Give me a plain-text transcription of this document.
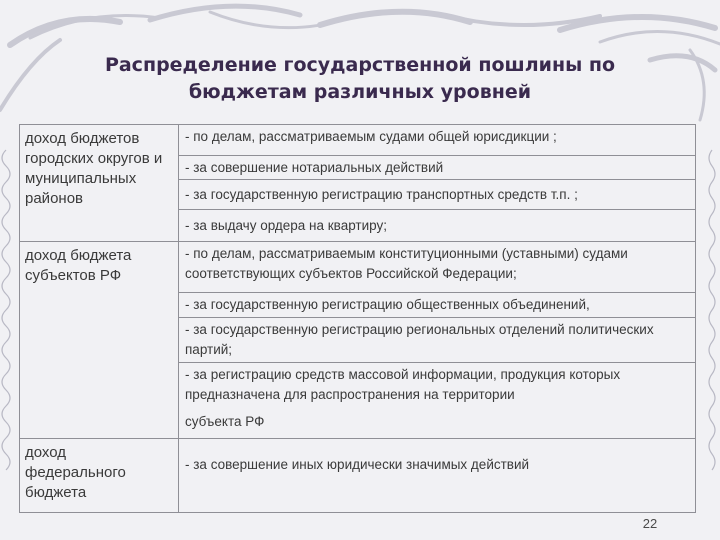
Распределение государственной пошлины по
бюджетам различных уровней
доход бюджетов городских округов и муниципальных районов	- по делам, рассматриваемым судами общей юрисдикции ;

	- за совершение нотариальных действий

	- за государственную регистрацию транспортных средств т.п. ;

	- за выдачу ордера на квартиру;

доход бюджета субъектов РФ	- по делам, рассматриваемым конституционными (уставными) судами соответствующих субъектов Российской Федерации;

	- за государственную регистрацию общественных объединений,

	- за государственную регистрацию региональных отделений политических партий;

	- за регистрацию средств массовой информации, продукция которых предназначена для распространения на территории

	субъекта РФ

доход федерального бюджета	- за совершение иных юридически значимых действий
22
